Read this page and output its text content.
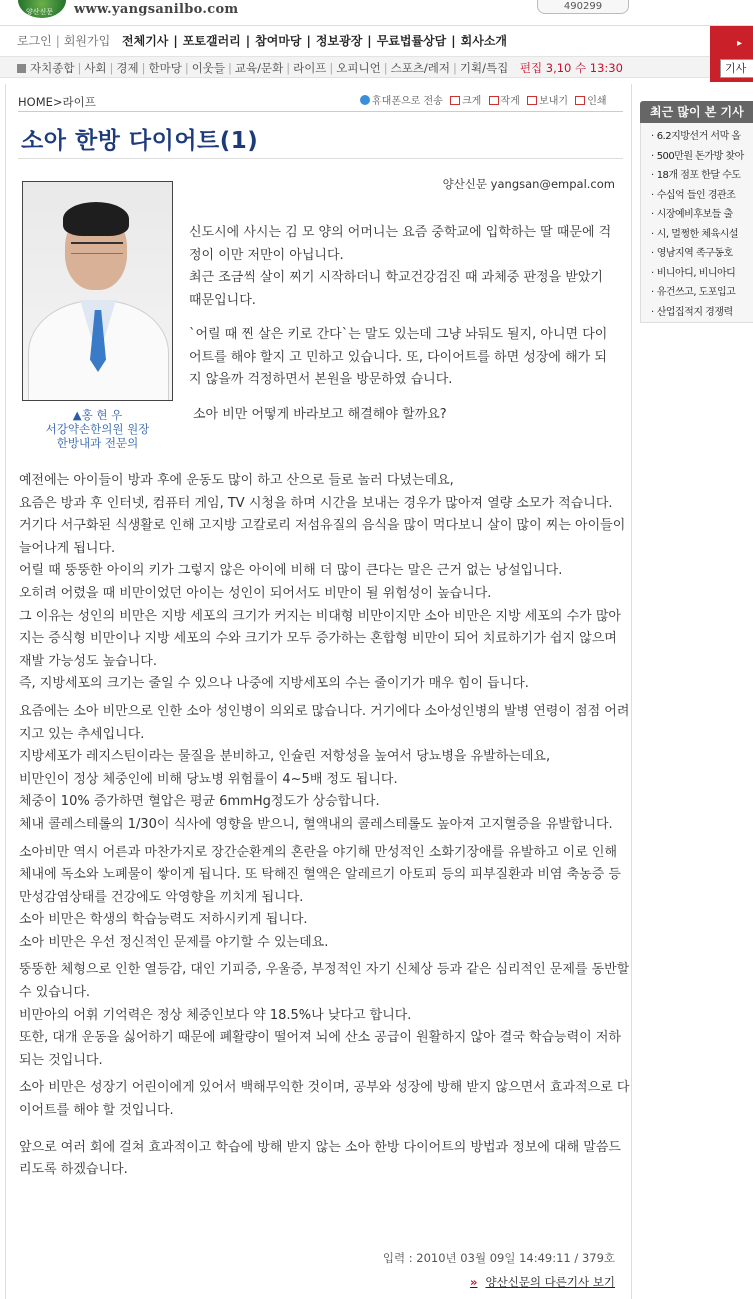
양산신문 www.yangsanilbo.com	490299
로그인 | 회원가입 전체기사 | 포토갤러리 | 참여마당 | 정보광장 | 무료법률상담 | 회사소개
자치종합 | 사회 | 경제 | 한마당 | 이웃들 | 교육/문화 | 라이프 | 오피니언 | 스포츠/레저 | 기획/특집 편집 3,10 수 13:30
▸
기사
HOME>라이프	휴대폰으로 전송 크게 작게 보내기 인쇄
소아 한방 다이어트(1)
양산신문 yangsan@empal.com
▲홍 현 우
서강약손한의원 원장
한방내과 전문의

신도시에 사시는 김 모 양의 어머니는 요즘 중학교에 입학하는 딸 때문에 걱정이 이만 저만이 아닙니다.
최근 조금씩 살이 찌기 시작하더니 학교건강검진 때 과체중 판정을 받았기 때문입니다.

`어릴 때 찐 살은 키로 간다`는 말도 있는데 그냥 놔둬도 될지, 아니면 다이어트를 해야 할지 고 민하고 있습니다. 또, 다이어트를 하면 성장에 해가 되지 않을까 걱정하면서 본원을 방문하였 습니다.

소아 비만 어떻게 바라보고 해결해야 할까요?

예전에는 아이들이 방과 후에 운동도 많이 하고 산으로 들로 놀러 다녔는데요,

요즘은 방과 후 인터넷, 컴퓨터 게임, TV 시청을 하며 시간을 보내는 경우가 많아져 열량 소모가 적습니다.

거기다 서구화된 식생활로 인해 고지방 고칼로리 저섬유질의 음식을 많이 먹다보니 살이 많이 찌는 아이들이 늘어나게 됩니다.

어릴 때 뚱뚱한 아이의 키가 그렇지 않은 아이에 비해 더 많이 큰다는 말은 근거 없는 낭설입니다.

오히려 어렸을 때 비만이었던 아이는 성인이 되어서도 비만이 될 위험성이 높습니다.

그 이유는 성인의 비만은 지방 세포의 크기가 커지는 비대형 비만이지만 소아 비만은 지방 세포의 수가 많아지는 증식형 비만이나 지방 세포의 수와 크기가 모두 증가하는 혼합형 비만이 되어 치료하기가 쉽지 않으며 재발 가능성도 높습니다.

즉, 지방세포의 크기는 줄일 수 있으나 나중에 지방세포의 수는 줄이기가 매우 힘이 듭니다.

요즘에는 소아 비만으로 인한 소아 성인병이 의외로 많습니다. 거기에다 소아성인병의 발병 연령이 점점 어려지고 있는 추세입니다.

지방세포가 레지스틴이라는 물질을 분비하고, 인슐린 저항성을 높여서 당뇨병을 유발하는데요,

비만인이 정상 체중인에 비해 당뇨병 위험률이 4~5배 정도 됩니다.

체중이 10% 증가하면 혈압은 평균 6mmHg정도가 상승합니다.

체내 콜레스테롤의 1/30이 식사에 영향을 받으니, 혈액내의 콜레스테롤도 높아져 고지혈증을 유발합니다.

소아비만 역시 어른과 마찬가지로 장간순환계의 혼란을 야기해 만성적인 소화기장애를 유발하고 이로 인해 체내에 독소와 노폐물이 쌓이게 됩니다. 또 탁해진 혈액은 알레르기 아토피 등의 피부질환과 비염 축농증 등 만성감염상태를 건강에도 악영향을 끼치게 됩니다.

소아 비만은 학생의 학습능력도 저하시키게 됩니다.

소아 비만은 우선 정신적인 문제를 야기할 수 있는데요.

뚱뚱한 체형으로 인한 열등감, 대인 기피증, 우울증, 부정적인 자기 신체상 등과 같은 심리적인 문제를 동반할 수 있습니다.

비만아의 어휘 기억력은 정상 체중인보다 약 18.5%나 낮다고 합니다.

또한, 대개 운동을 싫어하기 때문에 폐활량이 떨어져 뇌에 산소 공급이 원활하지 않아 결국 학습능력이 저하되는 것입니다.

소아 비만은 성장기 어린이에게 있어서 백해무익한 것이며, 공부와 성장에 방해 받지 않으면서 효과적으로 다이어트를 해야 할 것입니다.

앞으로 여러 회에 걸쳐 효과적이고 학습에 방해 받지 않는 소아 한방 다이어트의 방법과 정보에 대해 말씀드리도록 하겠습니다.

입력 : 2010년 03월 09일 14:49:11 / 379호
» 양산신문의 다른기사 보기
최근 많이 본 기사
· 6.2지방선거 서막 올
· 500만원 돈가방 찾아
· 18개 점포 한달 수도
· 수십억 들인 경관조
· 시장예비후보들 출
· 시, 멀쩡한 체육시설
· 영남지역 족구동호
· 비니아디, 비니아디
· 유건쓰고, 도포입고
· 산업집적지 경쟁력
